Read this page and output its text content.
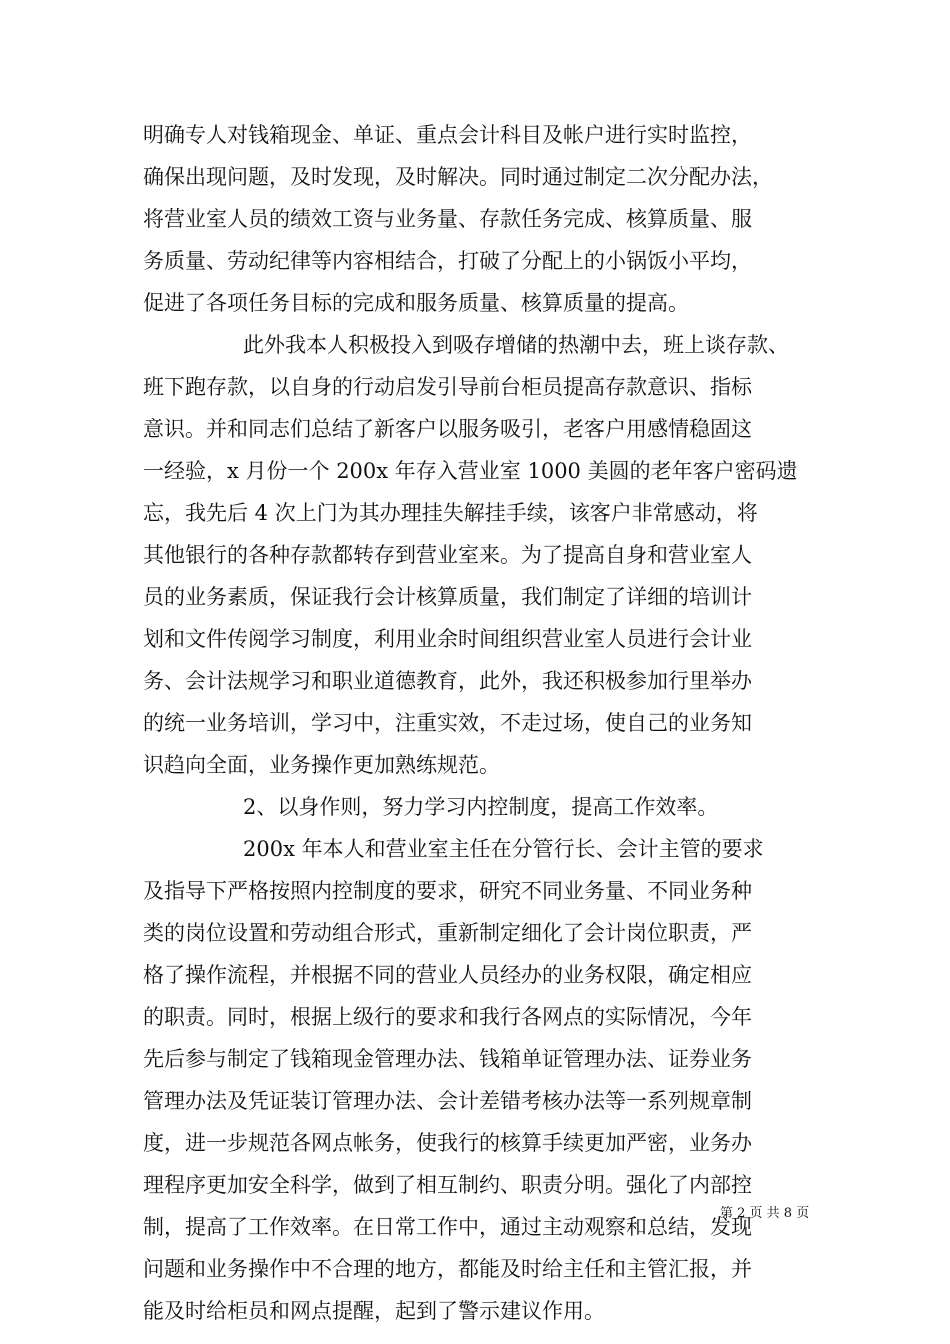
明确专人对钱箱现金、单证、重点会计科目及帐户进行实时监控，
确保出现问题，及时发现，及时解决。同时通过制定二次分配办法，
将营业室人员的绩效工资与业务量、存款任务完成、核算质量、服
务质量、劳动纪律等内容相结合，打破了分配上的小锅饭小平均，
促进了各项任务目标的完成和服务质量、核算质量的提高。
此外我本人积极投入到吸存增储的热潮中去，班上谈存款、
班下跑存款，以自身的行动启发引导前台柜员提高存款意识、指标
意识。并和同志们总结了新客户以服务吸引，老客户用感情稳固这
一经验，x 月份一个 200x 年存入营业室 1000 美圆的老年客户密码遗
忘，我先后 4 次上门为其办理挂失解挂手续，该客户非常感动，将
其他银行的各种存款都转存到营业室来。为了提高自身和营业室人
员的业务素质，保证我行会计核算质量，我们制定了详细的培训计
划和文件传阅学习制度，利用业余时间组织营业室人员进行会计业
务、会计法规学习和职业道德教育，此外，我还积极参加行里举办
的统一业务培训，学习中，注重实效，不走过场，使自己的业务知
识趋向全面，业务操作更加熟练规范。
2、以身作则，努力学习内控制度，提高工作效率。
200x 年本人和营业室主任在分管行长、会计主管的要求
及指导下严格按照内控制度的要求，研究不同业务量、不同业务种
类的岗位设置和劳动组合形式，重新制定细化了会计岗位职责，严
格了操作流程，并根据不同的营业人员经办的业务权限，确定相应
的职责。同时，根据上级行的要求和我行各网点的实际情况，今年
先后参与制定了钱箱现金管理办法、钱箱单证管理办法、证券业务
管理办法及凭证装订管理办法、会计差错考核办法等一系列规章制
度，进一步规范各网点帐务，使我行的核算手续更加严密，业务办
理程序更加安全科学，做到了相互制约、职责分明。强化了内部控
制，提高了工作效率。在日常工作中，通过主动观察和总结，发现
问题和业务操作中不合理的地方，都能及时给主任和主管汇报，并
能及时给柜员和网点提醒，起到了警示建议作用。
第 2 页 共 8 页
